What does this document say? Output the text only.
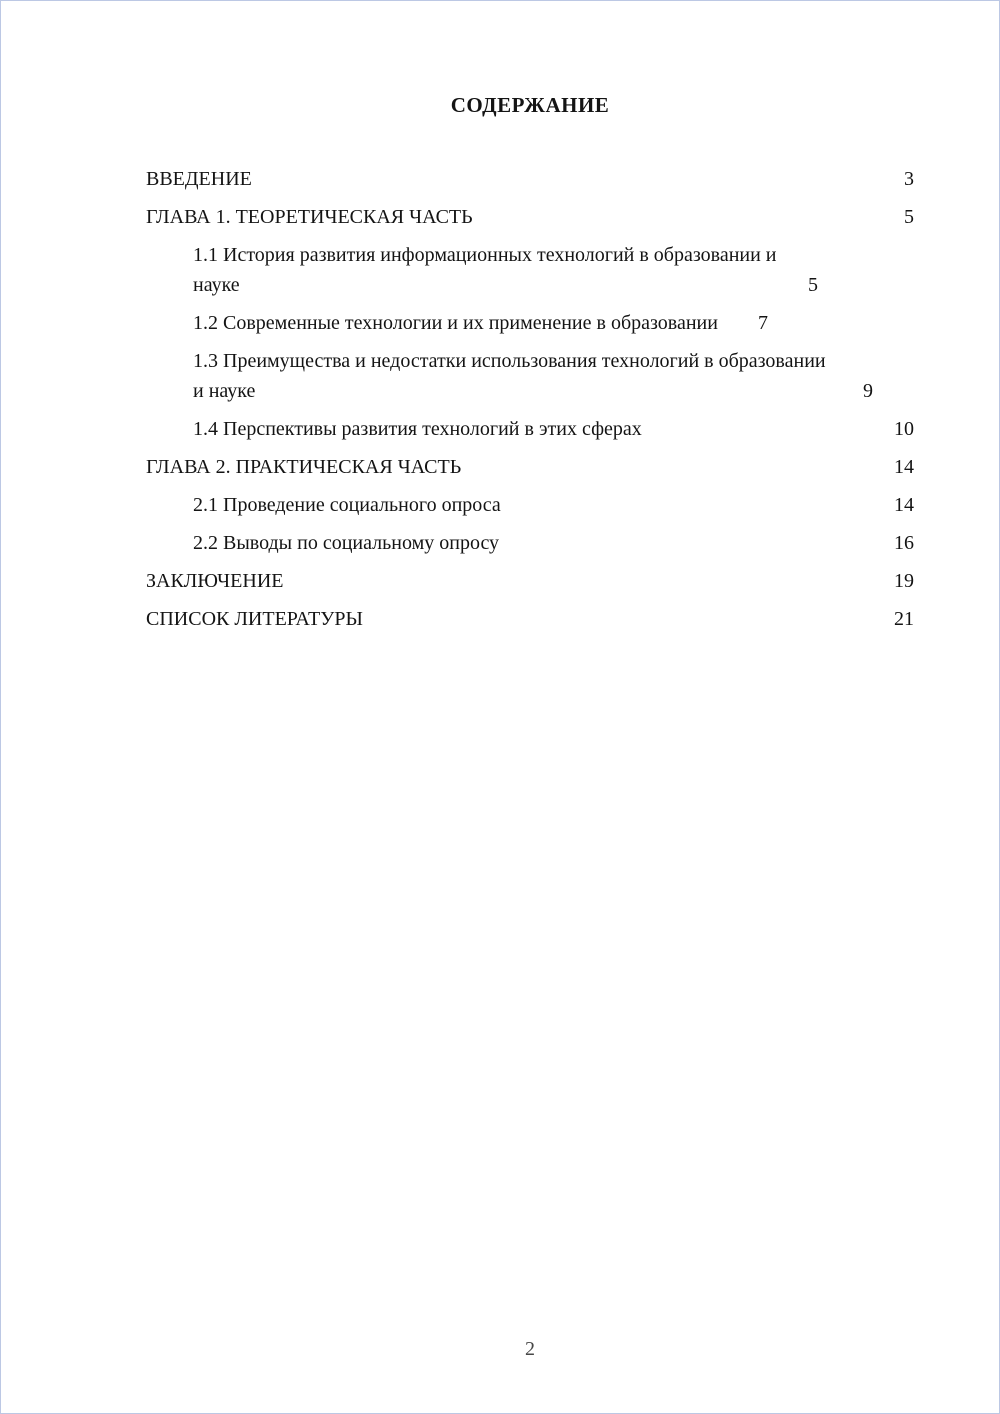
СОДЕРЖАНИЕ
ВВЕДЕНИЕ	3
ГЛАВА 1. ТЕОРЕТИЧЕСКАЯ ЧАСТЬ	5
1.1 История развития информационных технологий в образовании и науке	5
1.2 Современные технологии и их применение в образовании	7
1.3 Преимущества и недостатки использования технологий в образовании и науке	9
1.4 Перспективы развития технологий в этих сферах	10
ГЛАВА 2. ПРАКТИЧЕСКАЯ ЧАСТЬ	14
2.1 Проведение социального опроса	14
2.2 Выводы по социальному опросу	16
ЗАКЛЮЧЕНИЕ	19
СПИСОК ЛИТЕРАТУРЫ	21
2
